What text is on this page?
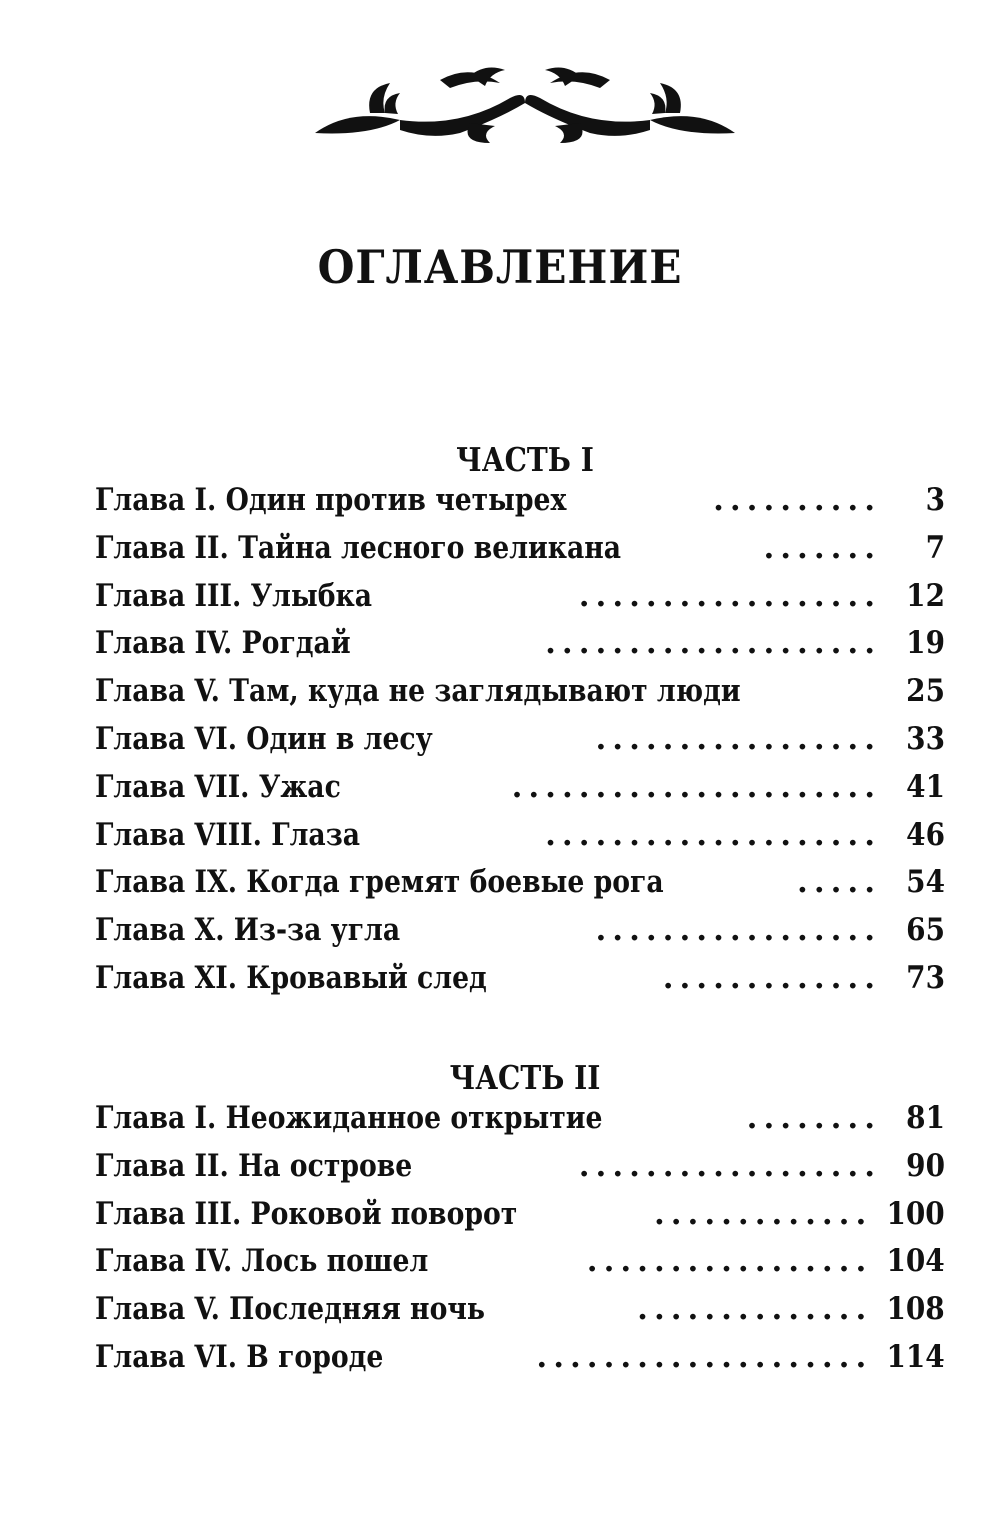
ОГЛАВЛЕНИЕ
ЧАСТЬ I
Глава I. Один против четырех	..........	3
Глава II. Тайна лесного великана	.......	7
Глава III. Улыбка	.................. 12
Глава IV. Рогдай	.................... 19
Глава V. Там, куда не заглядывают люди	25
Глава VI. Один в лесу	................. 33
Глава VII. Ужас	...................... 41
Глава VIII. Глаза	.................... 46
Глава IX. Когда гремят боевые рога	..... 54
Глава X. Из-за угла	................. 65
Глава XI. Кровавый след	............. 73
ЧАСТЬ II
Глава I. Неожиданное открытие	........ 81
Глава II. На острове	.................. 90
Глава III. Роковой поворот	............. 100
Глава IV. Лось пошел	................. 104
Глава V. Последняя ночь	.............. 108
Глава VI. В городе	.................... 114
